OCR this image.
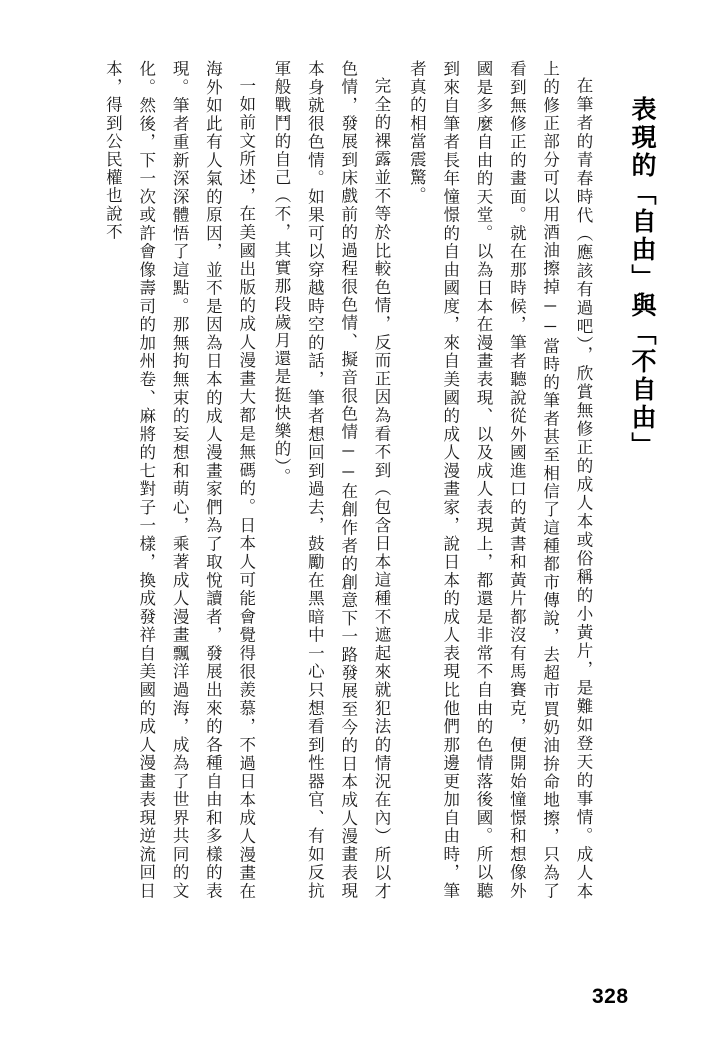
表現的「自由」與「不自由」

在筆者的青春時代（應該有過吧），欣賞無修正的成人本或俗稱的小黃片，是難如登天的事情。成人本上的修正部分可以用酒油擦掉──當時的筆者甚至相信了這種都市傳說，去超市買奶油拚命地擦，只為了看到無修正的畫面。就在那時候，筆者聽說從外國進口的黃書和黃片都沒有馬賽克，便開始憧憬和想像外國是多麼自由的天堂。以為日本在漫畫表現、以及成人表現上，都還是非常不自由的色情落後國。所以聽到來自筆者長年憧憬的自由國度，來自美國的成人漫畫家，說日本的成人表現比他們那邊更加自由時，筆者真的相當震驚。

完全的裸露並不等於比較色情，反而正因為看不到（包含日本這種不遮起來就犯法的情況在內）所以才色情，發展到床戲前的過程很色情、擬音很色情──在創作者的創意下一路發展至今的日本成人漫畫表現本身就很色情。如果可以穿越時空的話，筆者想回到過去，鼓勵在黑暗中一心只想看到性器官、有如反抗軍般戰鬥的自己（不，其實那段歲月還是挺快樂的）。

一如前文所述，在美國出版的成人漫畫大都是無碼的。日本人可能會覺得很羨慕，不過日本成人漫畫在海外如此有人氣的原因，並不是因為日本的成人漫畫家們為了取悅讀者，發展出來的各種自由和多樣的表現。筆者重新深深體悟了這點。那無拘無束的妄想和萌心，乘著成人漫畫飄洋過海，成為了世界共同的文化。然後，下一次或許會像壽司的加州卷、麻將的七對子一樣，換成發祥自美國的成人漫畫表現逆流回日本，得到公民權也說不

328
